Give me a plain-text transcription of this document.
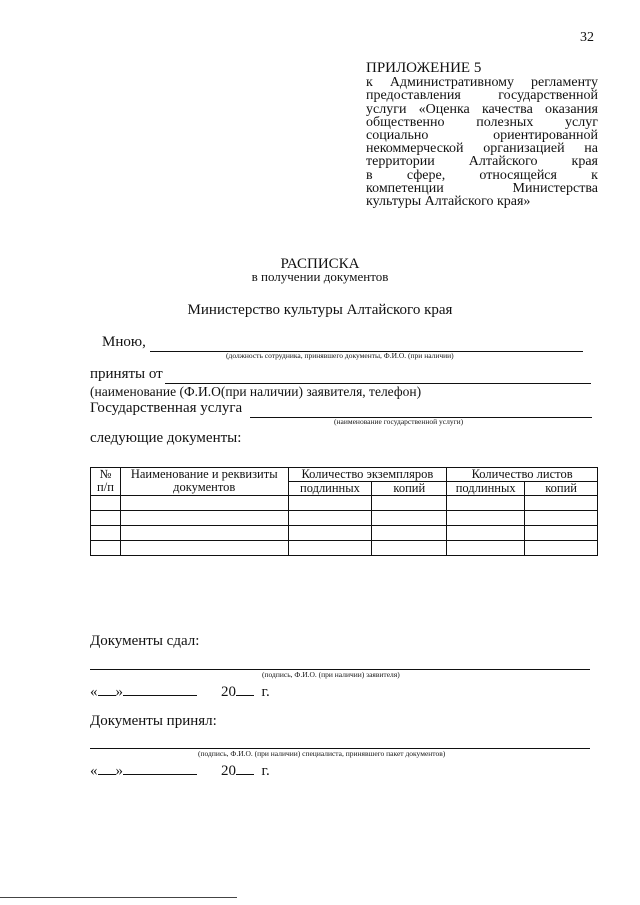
32
ПРИЛОЖЕНИЕ 5
к Административному регламенту
предоставления	государственной
услуги «Оценка качества оказания
общественно полезных услуг
социально	ориентированной
некоммерческой организацией на
территории Алтайского края
в сфере, относящейся к
компетенции	Министерства
культуры Алтайского края»
РАСПИСКА
в получении документов
Министерство культуры Алтайского края
Мною,
(должность сотрудника, принявшего документы, Ф.И.О. (при наличии)
приняты от
(наименование (Ф.И.О(при наличии) заявителя, телефон)
Государственная услуга
(наименование государственной услуги)
следующие документы:
№ п/п	Наименование и реквизиты документов	Количество экземпляров		Количество листов	
		подлинных	копий	подлинных	копий

Документы сдал:
(подпись, Ф.И.О. (при наличии) заявителя)
« »	20 г.
Документы принял:
(подпись, Ф.И.О. (при наличии) специалиста, принявшего пакет документов)
« »	20 г.
